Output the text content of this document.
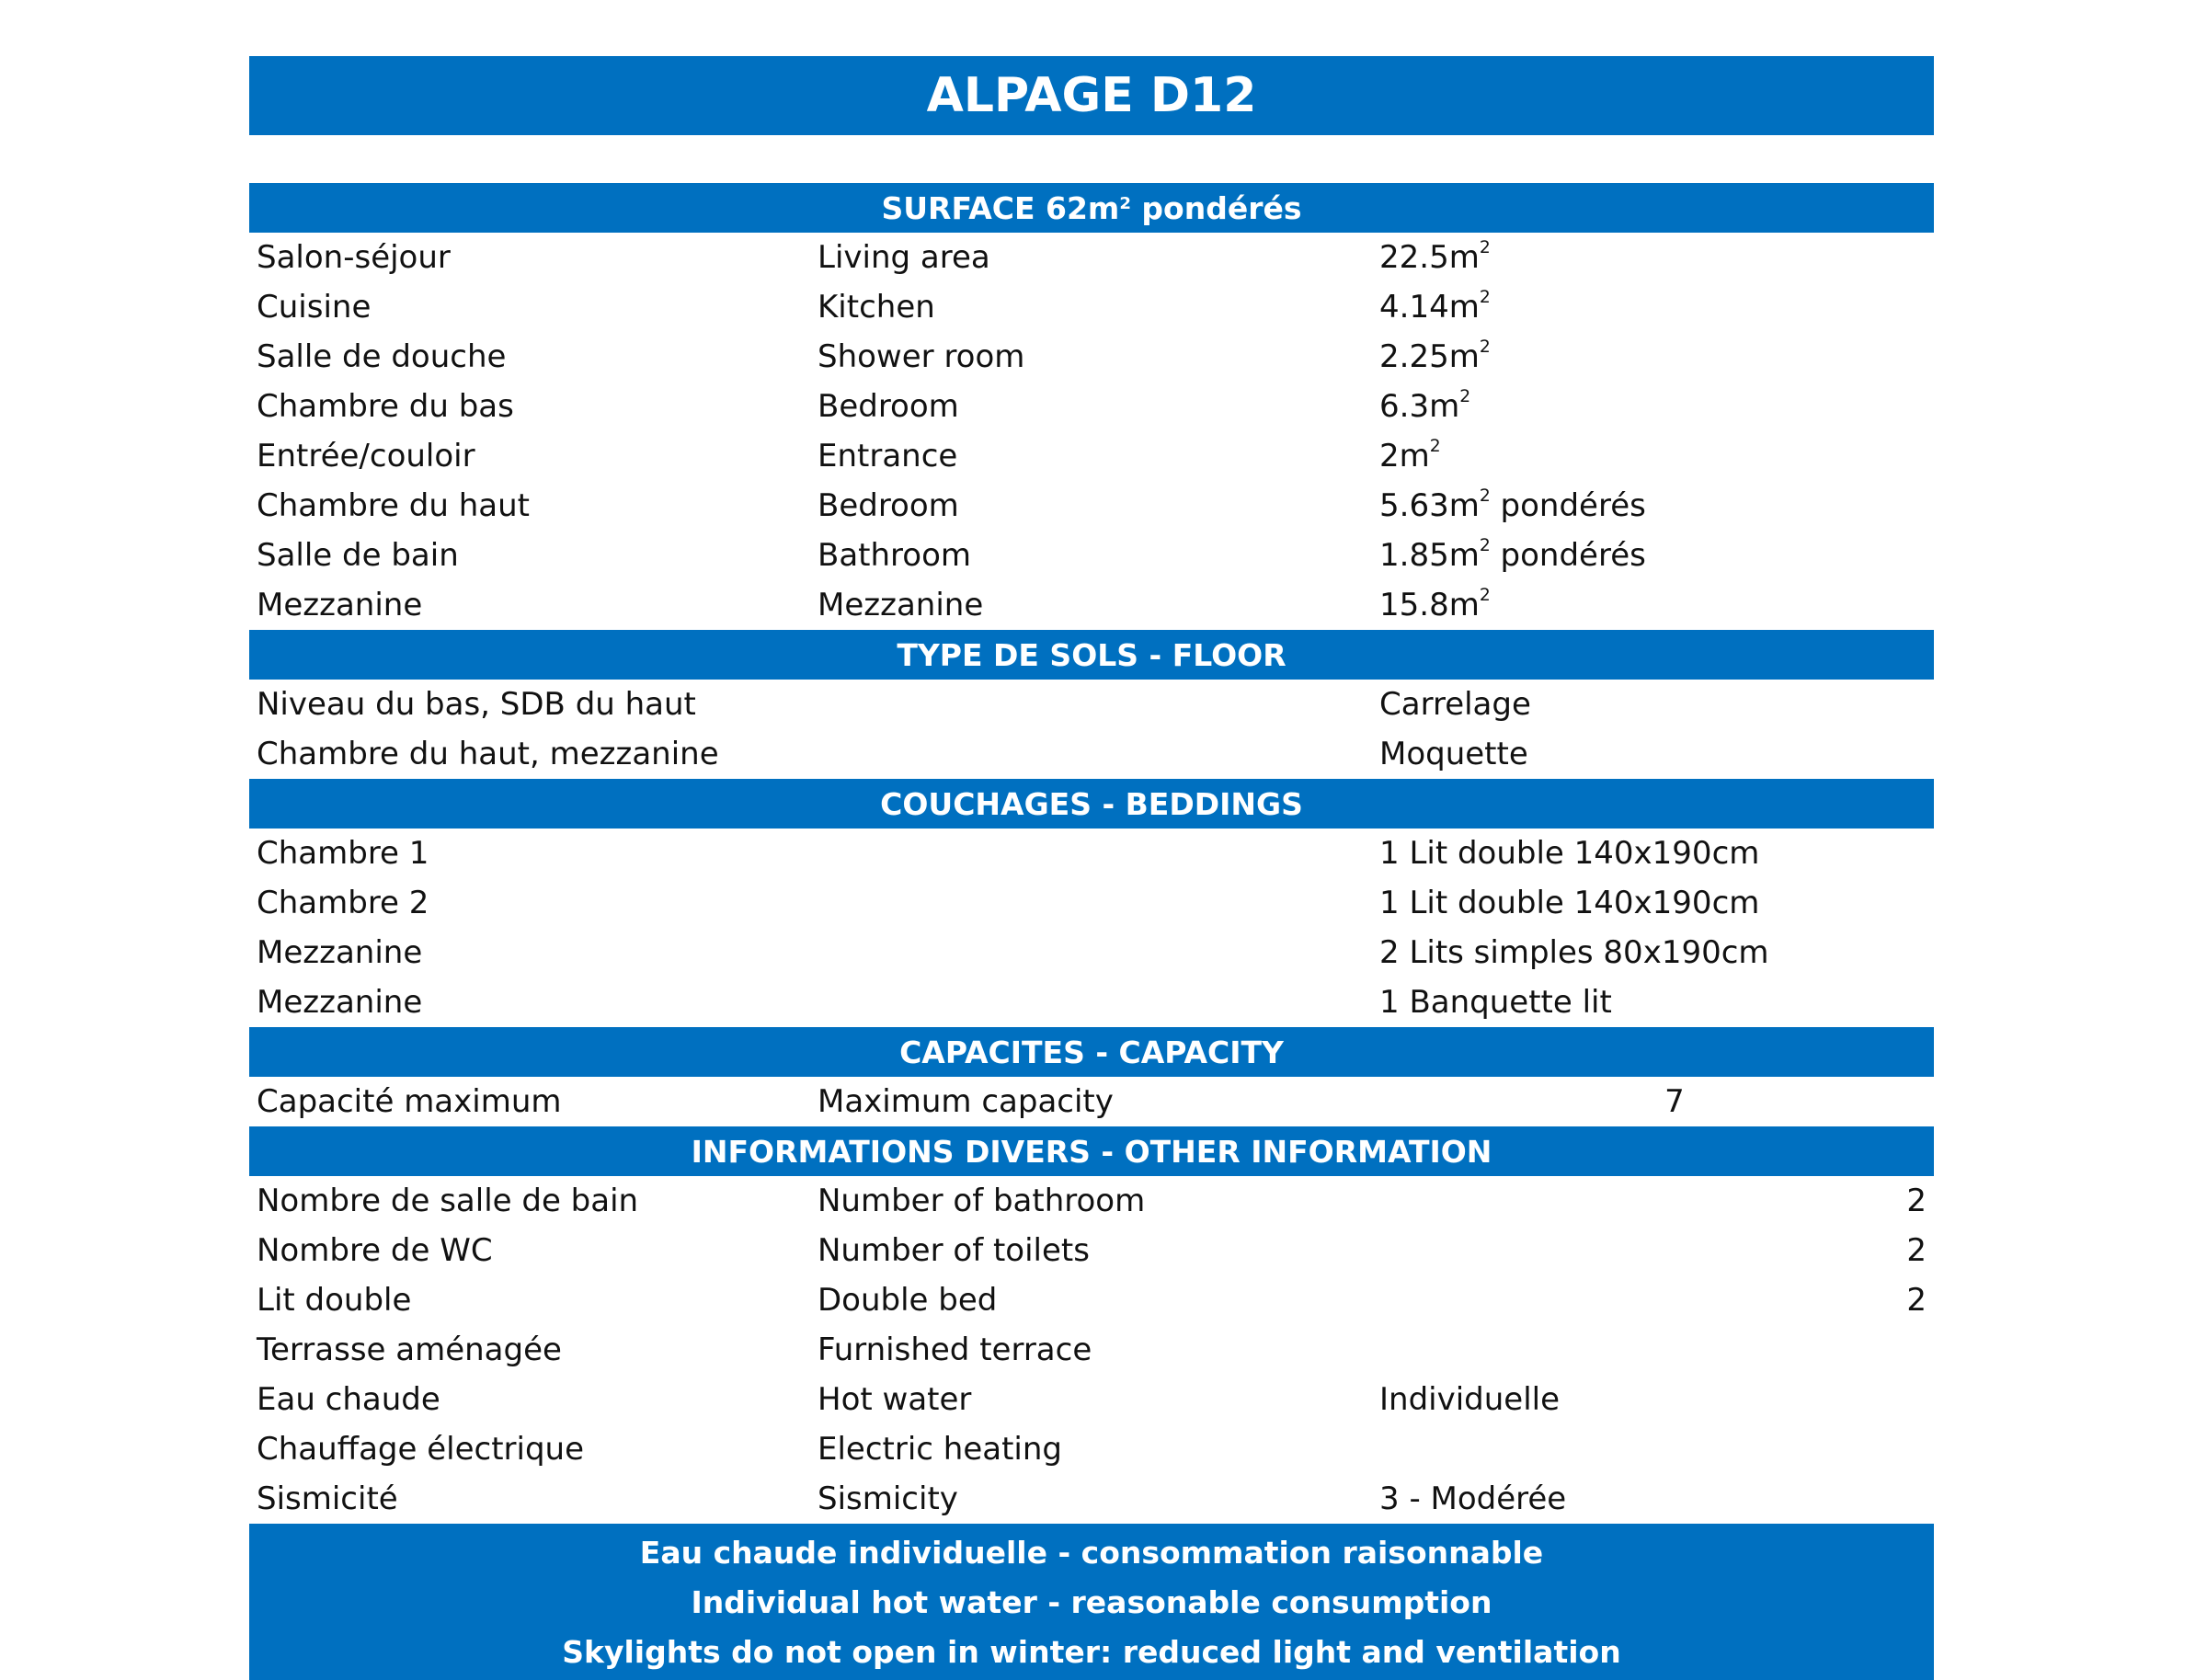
ALPAGE D12
SURFACE $62m^2$ pondérés
Salon-séjour	Living area	$22.5m^2$
Cuisine	Kitchen	$4.14m^2$
Salle de douche	Shower room	$2.25m^2$
Chambre du bas	Bedroom	$6.3m^2$
Entrée/couloir	Entrance	$2m^2$
Chambre du haut	Bedroom	$5.63m^2$ pondérés
Salle de bain	Bathroom	$1.85m^2$ pondérés
Mezzanine	Mezzanine	$15.8m^2$
TYPE DE SOLS - FLOOR
Niveau du bas, SDB du haut	Carrelage
Chambre du haut, mezzanine	Moquette
COUCHAGES - BEDDINGS
Chambre 1	1 Lit double 140x190cm
Chambre 2	1 Lit double 140x190cm
Mezzanine	2 Lits simples 80x190cm
Mezzanine	1 Banquette lit
CAPACITES - CAPACITY
Capacité maximum	Maximum capacity	7
INFORMATIONS DIVERS - OTHER INFORMATION
Nombre de salle de bain	Number of bathroom	2
Nombre de WC	Number of toilets	2
Lit double	Double bed	2
Terrasse aménagée	Furnished terrace
Eau chaude	Hot water	Individuelle
Chauffage électrique	Electric heating
Sismicité	Sismicity	3 - Modérée
Eau chaude individuelle - consommation raisonnable
Individual hot water - reasonable consumption
Skylights do not open in winter: reduced light and ventilation
